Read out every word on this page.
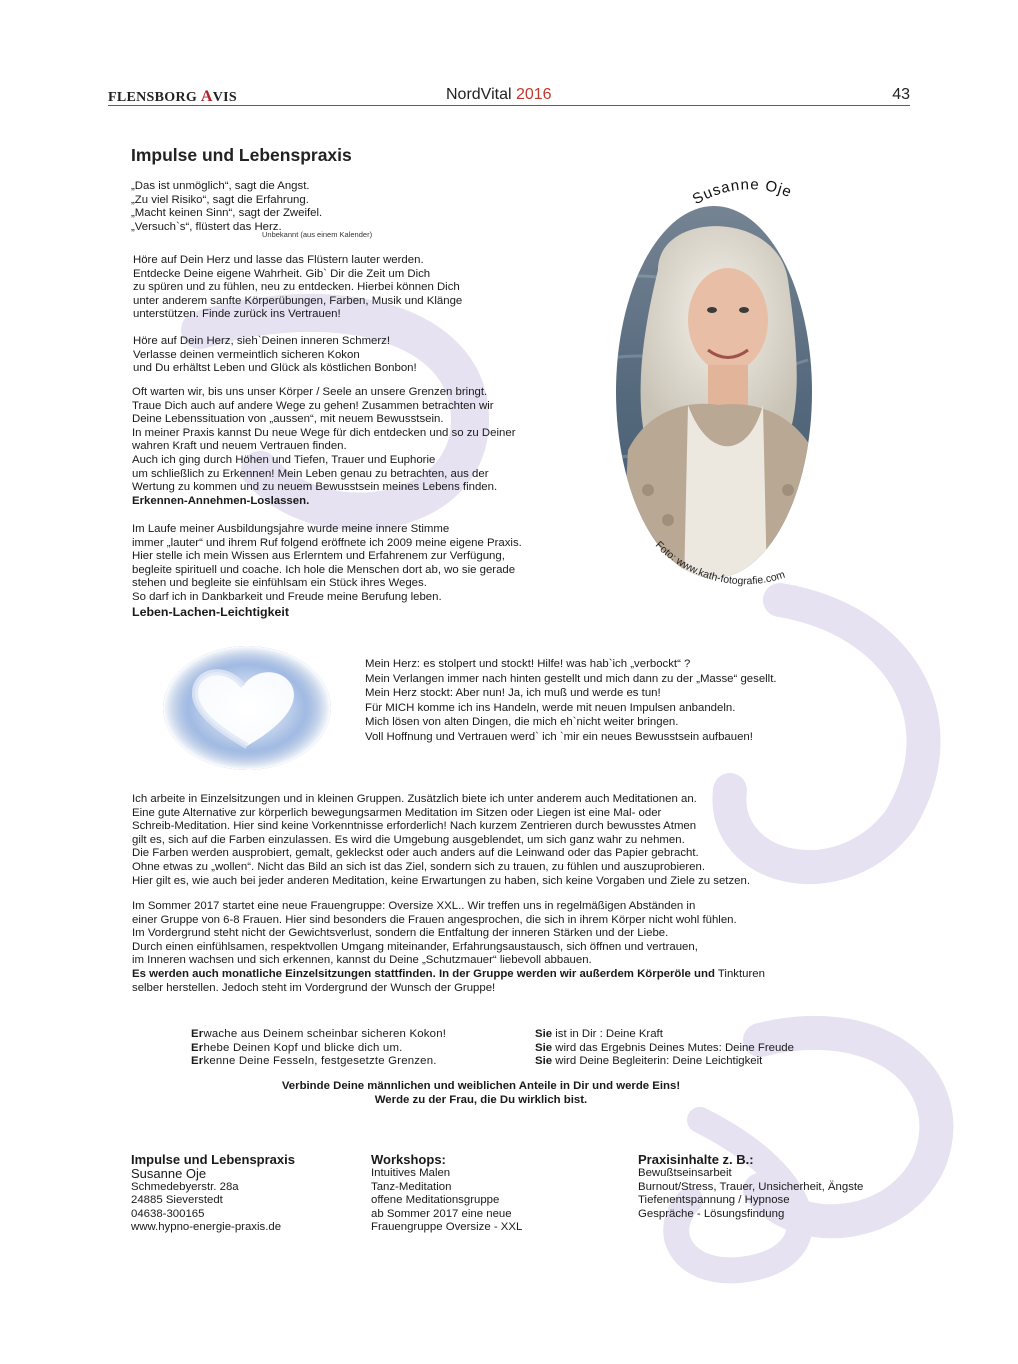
FLENSBORG AVIS	NordVital 2016	43
Impulse und Lebenspraxis
„Das ist unmöglich“, sagt die Angst.
„Zu viel Risiko“, sagt die Erfahrung.
„Macht keinen Sinn“, sagt der Zweifel.
„Versuch`s“, flüstert das Herz.
Unbekannt (aus einem Kalender)
Höre auf Dein Herz und lasse das Flüstern lauter werden.
Entdecke Deine eigene Wahrheit. Gib` Dir die Zeit um Dich
zu spüren und zu fühlen, neu zu entdecken. Hierbei können Dich
unter anderem sanfte Körperübungen, Farben, Musik und Klänge
unterstützen. Finde zurück ins Vertrauen!
Höre auf Dein Herz, sieh`Deinen inneren Schmerz!
Verlasse deinen vermeintlich sicheren Kokon
und Du erhältst Leben und Glück als köstlichen Bonbon!
Oft warten wir, bis uns unser Körper / Seele an unsere Grenzen bringt.
Traue Dich auch auf andere Wege zu gehen! Zusammen betrachten wir
Deine Lebenssituation von „aussen“, mit neuem Bewusstsein.
In meiner Praxis kannst Du neue Wege für dich entdecken und so zu Deiner
wahren Kraft und neuem Vertrauen finden.
Auch ich ging durch Höhen und Tiefen, Trauer und Euphorie
um schließlich zu Erkennen! Mein Leben genau zu betrachten, aus der
Wertung zu kommen und zu neuem Bewusstsein meines Lebens finden.
Erkennen-Annehmen-Loslassen.
Im Laufe meiner Ausbildungsjahre wurde meine innere Stimme
immer „lauter“ und ihrem Ruf folgend eröffnete ich 2009 meine eigene Praxis.
Hier stelle ich mein Wissen aus Erlerntem und Erfahrenem zur Verfügung,
begleite spirituell und coache. Ich hole die Menschen dort ab, wo sie gerade
stehen und begleite sie einfühlsam ein Stück ihres Weges.
So darf ich in Dankbarkeit und Freude meine Berufung leben.
Leben-Lachen-Leichtigkeit
Susanne Oje
Foto: www.kath-fotografie.com
Mein Herz: es stolpert und stockt! Hilfe! was hab`ich „verbockt“ ?
Mein Verlangen immer nach hinten gestellt und mich dann zu der „Masse“ gesellt.
Mein Herz stockt: Aber nun! Ja, ich muß und werde es tun!
Für MICH komme ich ins Handeln, werde mit neuen Impulsen anbandeln.
Mich lösen von alten Dingen, die mich eh`nicht weiter bringen.
Voll Hoffnung und Vertrauen werd` ich `mir ein neues Bewusstsein aufbauen!
Ich arbeite in Einzelsitzungen und in kleinen Gruppen. Zusätzlich biete ich unter anderem auch Meditationen an.
Eine gute Alternative zur körperlich bewegungsarmen Meditation im Sitzen oder Liegen ist eine Mal- oder
Schreib-Meditation. Hier sind keine Vorkenntnisse erforderlich! Nach kurzem Zentrieren durch bewusstes Atmen
gilt es, sich auf die Farben einzulassen. Es wird die Umgebung ausgeblendet, um sich ganz wahr zu nehmen.
Die Farben werden ausprobiert, gemalt, gekleckst oder auch anders auf die Leinwand oder das Papier gebracht.
Ohne etwas zu „wollen“. Nicht das Bild an sich ist das Ziel, sondern sich zu trauen, zu fühlen und auszuprobieren.
Hier gilt es, wie auch bei jeder anderen Meditation, keine Erwartungen zu haben, sich keine Vorgaben und Ziele zu setzen.
Im Sommer 2017 startet eine neue Frauengruppe: Oversize XXL.. Wir treffen uns in regelmäßigen Abständen in
einer Gruppe von 6-8 Frauen. Hier sind besonders die Frauen angesprochen, die sich in ihrem Körper nicht wohl fühlen.
Im Vordergrund steht nicht der Gewichtsverlust, sondern die Entfaltung der inneren Stärken und der Liebe.
Durch einen einfühlsamen, respektvollen Umgang miteinander, Erfahrungsaustausch, sich öffnen und vertrauen,
im Inneren wachsen und sich erkennen, kannst du Deine „Schutzmauer“ liebevoll abbauen.
Es werden auch monatliche Einzelsitzungen stattfinden. In der Gruppe werden wir außerdem Körperöle und Tinkturen
selber herstellen. Jedoch steht im Vordergrund der Wunsch der Gruppe!
Erwache aus Deinem scheinbar sicheren Kokon!
Erhebe Deinen Kopf und blicke dich um.
Erkenne Deine Fesseln, festgesetzte Grenzen.
Sie ist in Dir : Deine Kraft
Sie wird das Ergebnis Deines Mutes: Deine Freude
Sie wird Deine Begleiterin: Deine Leichtigkeit
Verbinde Deine männlichen und weiblichen Anteile in Dir und werde Eins!
Werde zu der Frau, die Du wirklich bist.
Impulse und Lebenspraxis
Susanne Oje
Schmedebyerstr. 28a
24885 Sieverstedt
04638-300165
www.hypno-energie-praxis.de
Workshops:
Intuitives Malen
Tanz-Meditation
offene Meditationsgruppe
ab Sommer 2017 eine neue
Frauengruppe Oversize - XXL
Praxisinhalte z. B.:
Bewußtseinsarbeit
Burnout/Stress, Trauer, Unsicherheit, Ängste
Tiefenentspannung / Hypnose
Gespräche - Lösungsfindung
